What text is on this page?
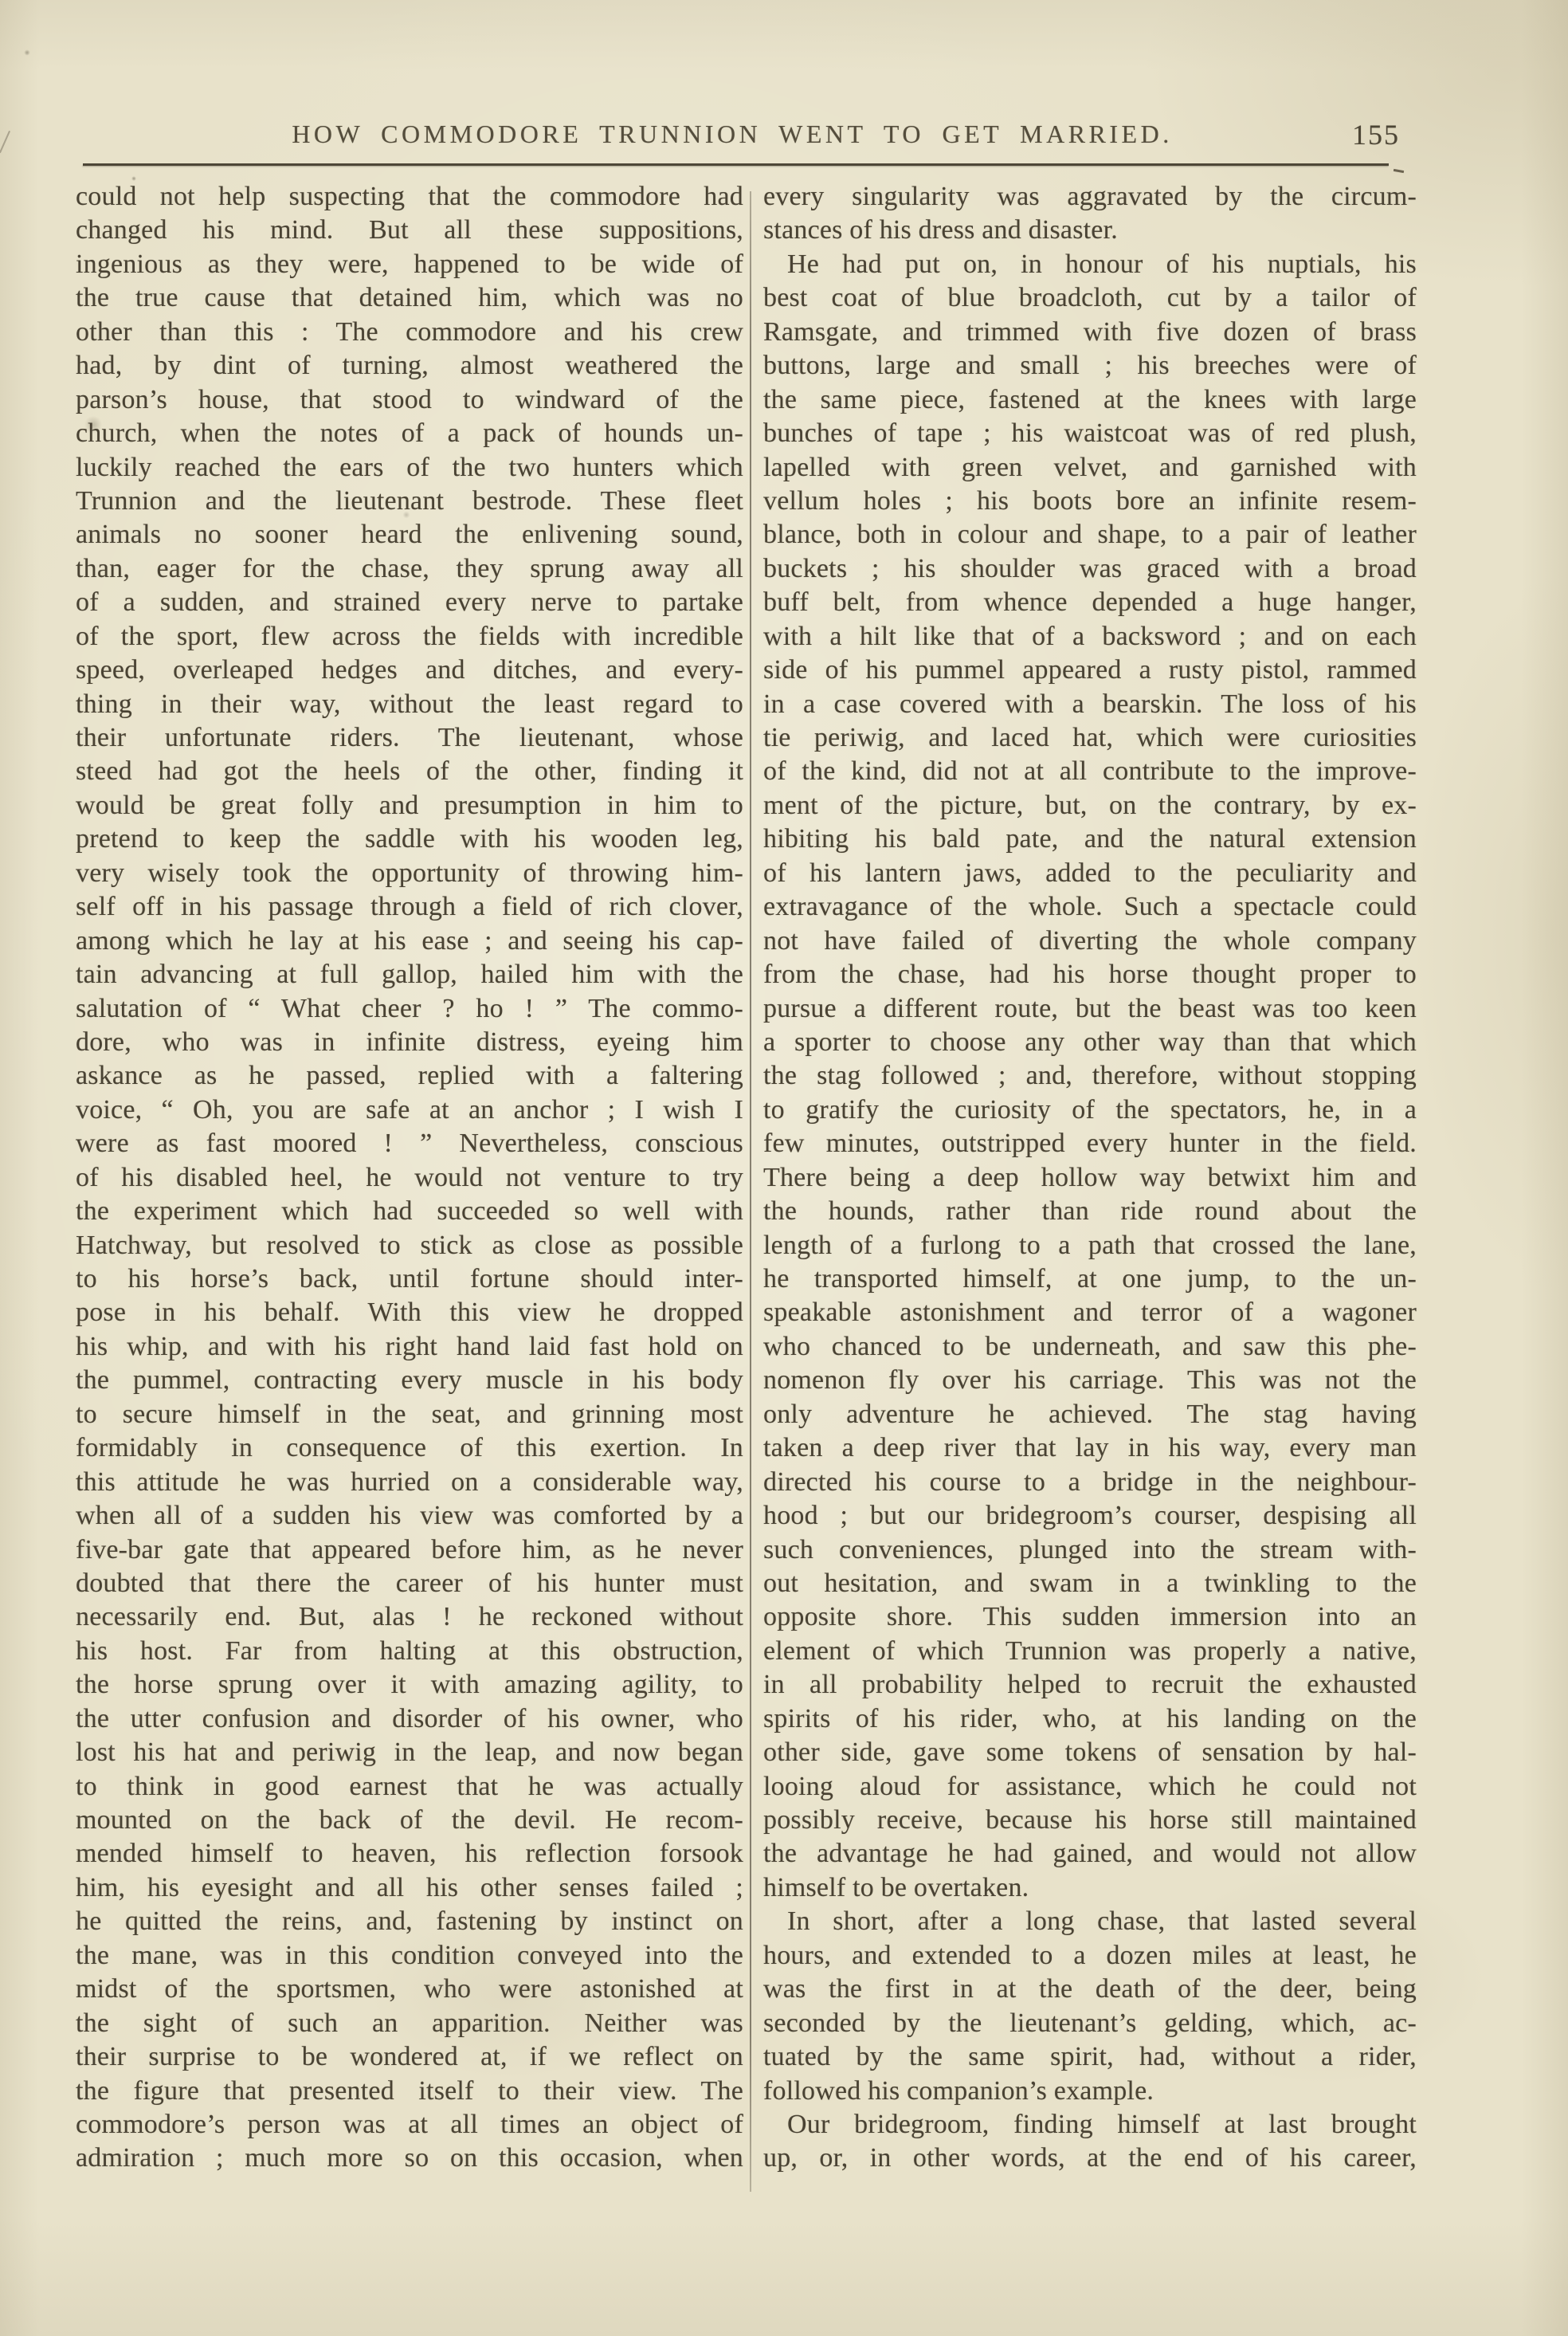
HOW COMMODORE TRUNNION WENT TO GET MARRIED.	155
could not help suspecting that the commodore had
changed his mind. But all these suppositions,
ingenious as they were, happened to be wide of
the true cause that detained him, which was no
other than this : The commodore and his crew
had, by dint of turning, almost weathered the
parson’s house, that stood to windward of the
church, when the notes of a pack of hounds un-
luckily reached the ears of the two hunters which
Trunnion and the lieutenant bestrode. These fleet
animals no sooner heard the enlivening sound,
than, eager for the chase, they sprung away all
of a sudden, and strained every nerve to partake
of the sport, flew across the fields with incredible
speed, overleaped hedges and ditches, and every-
thing in their way, without the least regard to
their unfortunate riders. The lieutenant, whose
steed had got the heels of the other, finding it
would be great folly and presumption in him to
pretend to keep the saddle with his wooden leg,
very wisely took the opportunity of throwing him-
self off in his passage through a field of rich clover,
among which he lay at his ease ; and seeing his cap-
tain advancing at full gallop, hailed him with the
salutation of “ What cheer ? ho ! ” The commo-
dore, who was in infinite distress, eyeing him
askance as he passed, replied with a faltering
voice, “ Oh, you are safe at an anchor ; I wish I
were as fast moored ! ” Nevertheless, conscious
of his disabled heel, he would not venture to try
the experiment which had succeeded so well with
Hatchway, but resolved to stick as close as possible
to his horse’s back, until fortune should inter-
pose in his behalf. With this view he dropped
his whip, and with his right hand laid fast hold on
the pummel, contracting every muscle in his body
to secure himself in the seat, and grinning most
formidably in consequence of this exertion. In
this attitude he was hurried on a considerable way,
when all of a sudden his view was comforted by a
five-bar gate that appeared before him, as he never
doubted that there the career of his hunter must
necessarily end. But, alas ! he reckoned without
his host. Far from halting at this obstruction,
the horse sprung over it with amazing agility, to
the utter confusion and disorder of his owner, who
lost his hat and periwig in the leap, and now began
to think in good earnest that he was actually
mounted on the back of the devil. He recom-
mended himself to heaven, his reflection forsook
him, his eyesight and all his other senses failed ;
he quitted the reins, and, fastening by instinct on
the mane, was in this condition conveyed into the
midst of the sportsmen, who were astonished at
the sight of such an apparition. Neither was
their surprise to be wondered at, if we reflect on
the figure that presented itself to their view. The
commodore’s person was at all times an object of
admiration ; much more so on this occasion, when
every singularity was aggravated by the circum-
stances of his dress and disaster.
He had put on, in honour of his nuptials, his
best coat of blue broadcloth, cut by a tailor of
Ramsgate, and trimmed with five dozen of brass
buttons, large and small ; his breeches were of
the same piece, fastened at the knees with large
bunches of tape ; his waistcoat was of red plush,
lapelled with green velvet, and garnished with
vellum holes ; his boots bore an infinite resem-
blance, both in colour and shape, to a pair of leather
buckets ; his shoulder was graced with a broad
buff belt, from whence depended a huge hanger,
with a hilt like that of a backsword ; and on each
side of his pummel appeared a rusty pistol, rammed
in a case covered with a bearskin. The loss of his
tie periwig, and laced hat, which were curiosities
of the kind, did not at all contribute to the improve-
ment of the picture, but, on the contrary, by ex-
hibiting his bald pate, and the natural extension
of his lantern jaws, added to the peculiarity and
extravagance of the whole. Such a spectacle could
not have failed of diverting the whole company
from the chase, had his horse thought proper to
pursue a different route, but the beast was too keen
a sporter to choose any other way than that which
the stag followed ; and, therefore, without stopping
to gratify the curiosity of the spectators, he, in a
few minutes, outstripped every hunter in the field.
There being a deep hollow way betwixt him and
the hounds, rather than ride round about the
length of a furlong to a path that crossed the lane,
he transported himself, at one jump, to the un-
speakable astonishment and terror of a wagoner
who chanced to be underneath, and saw this phe-
nomenon fly over his carriage. This was not the
only adventure he achieved. The stag having
taken a deep river that lay in his way, every man
directed his course to a bridge in the neighbour-
hood ; but our bridegroom’s courser, despising all
such conveniences, plunged into the stream with-
out hesitation, and swam in a twinkling to the
opposite shore. This sudden immersion into an
element of which Trunnion was properly a native,
in all probability helped to recruit the exhausted
spirits of his rider, who, at his landing on the
other side, gave some tokens of sensation by hal-
looing aloud for assistance, which he could not
possibly receive, because his horse still maintained
the advantage he had gained, and would not allow
himself to be overtaken.
In short, after a long chase, that lasted several
hours, and extended to a dozen miles at least, he
was the first in at the death of the deer, being
seconded by the lieutenant’s gelding, which, ac-
tuated by the same spirit, had, without a rider,
followed his companion’s example.
Our bridegroom, finding himself at last brought
up, or, in other words, at the end of his career,
